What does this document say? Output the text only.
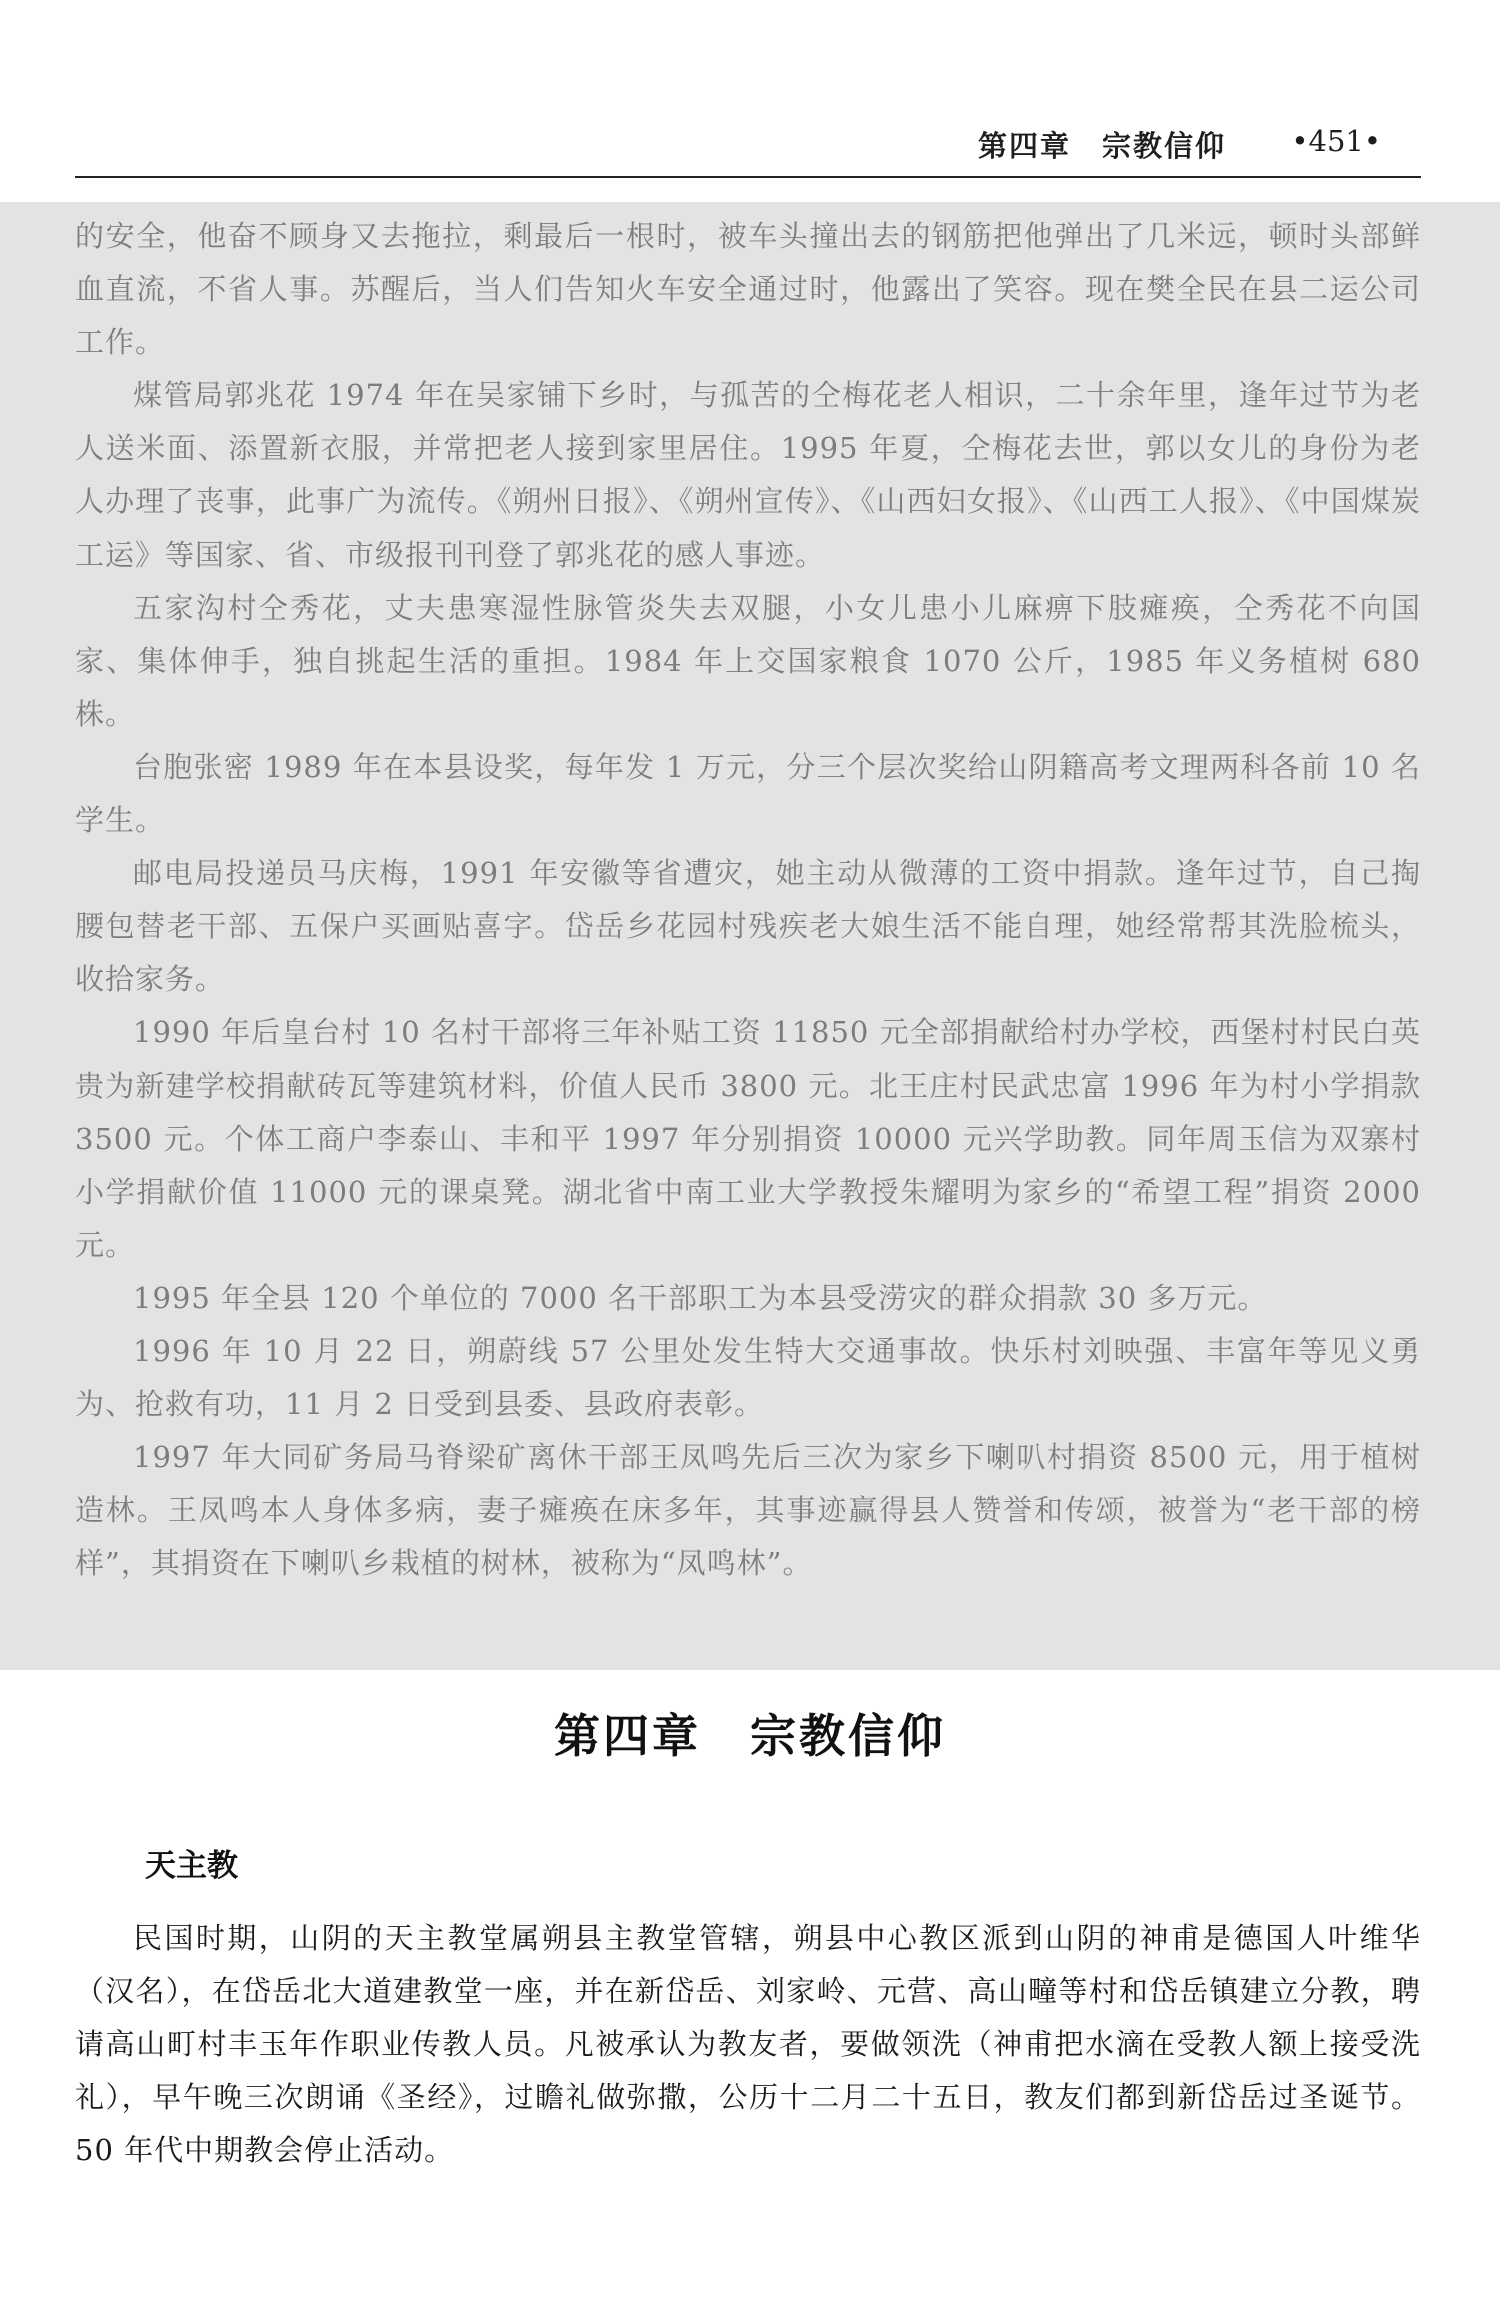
第四章　宗教信仰 •451•

的安全，他奋不顾身又去拖拉，剩最后一根时，被车头撞出去的钢筋把他弹出了几米远，顿时头部鲜血直流，不省人事。苏醒后，当人们告知火车安全通过时，他露出了笑容。现在樊全民在县二运公司工作。

煤管局郭兆花 1974 年在吴家铺下乡时，与孤苦的仝梅花老人相识，二十余年里，逢年过节为老人送米面、添置新衣服，并常把老人接到家里居住。1995 年夏，仝梅花去世，郭以女儿的身份为老人办理了丧事，此事广为流传。《朔州日报》、《朔州宣传》、《山西妇女报》、《山西工人报》、《中国煤炭工运》等国家、省、市级报刊刊登了郭兆花的感人事迹。

五家沟村仝秀花，丈夫患寒湿性脉管炎失去双腿，小女儿患小儿麻痹下肢瘫痪，仝秀花不向国家、集体伸手，独自挑起生活的重担。1984 年上交国家粮食 1070 公斤，1985 年义务植树 680 株。

台胞张密 1989 年在本县设奖，每年发 1 万元，分三个层次奖给山阴籍高考文理两科各前 10 名学生。

邮电局投递员马庆梅，1991 年安徽等省遭灾，她主动从微薄的工资中捐款。逢年过节，自己掏腰包替老干部、五保户买画贴喜字。岱岳乡花园村残疾老大娘生活不能自理，她经常帮其洗脸梳头，收拾家务。

1990 年后皇台村 10 名村干部将三年补贴工资 11850 元全部捐献给村办学校，西堡村村民白英贵为新建学校捐献砖瓦等建筑材料，价值人民币 3800 元。北王庄村民武忠富 1996 年为村小学捐款 3500 元。个体工商户李泰山、丰和平 1997 年分别捐资 10000 元兴学助教。同年周玉信为双寨村小学捐献价值 11000 元的课桌凳。湖北省中南工业大学教授朱耀明为家乡的“希望工程”捐资 2000 元。

1995 年全县 120 个单位的 7000 名干部职工为本县受涝灾的群众捐款 30 多万元。

1996 年 10 月 22 日，朔蔚线 57 公里处发生特大交通事故。快乐村刘映强、丰富年等见义勇为、抢救有功，11 月 2 日受到县委、县政府表彰。

1997 年大同矿务局马脊梁矿离休干部王凤鸣先后三次为家乡下喇叭村捐资 8500 元，用于植树造林。王凤鸣本人身体多病，妻子瘫痪在床多年，其事迹赢得县人赞誉和传颂，被誉为“老干部的榜样”，其捐资在下喇叭乡栽植的树林，被称为“凤鸣林”。

第四章　宗教信仰
天主教

民国时期，山阴的天主教堂属朔县主教堂管辖，朔县中心教区派到山阴的神甫是德国人叶维华（汉名），在岱岳北大道建教堂一座，并在新岱岳、刘家岭、元营、高山疃等村和岱岳镇建立分教，聘请高山町村丰玉年作职业传教人员。凡被承认为教友者，要做领洗（神甫把水滴在受教人额上接受洗礼），早午晚三次朗诵《圣经》，过瞻礼做弥撒，公历十二月二十五日，教友们都到新岱岳过圣诞节。50 年代中期教会停止活动。
